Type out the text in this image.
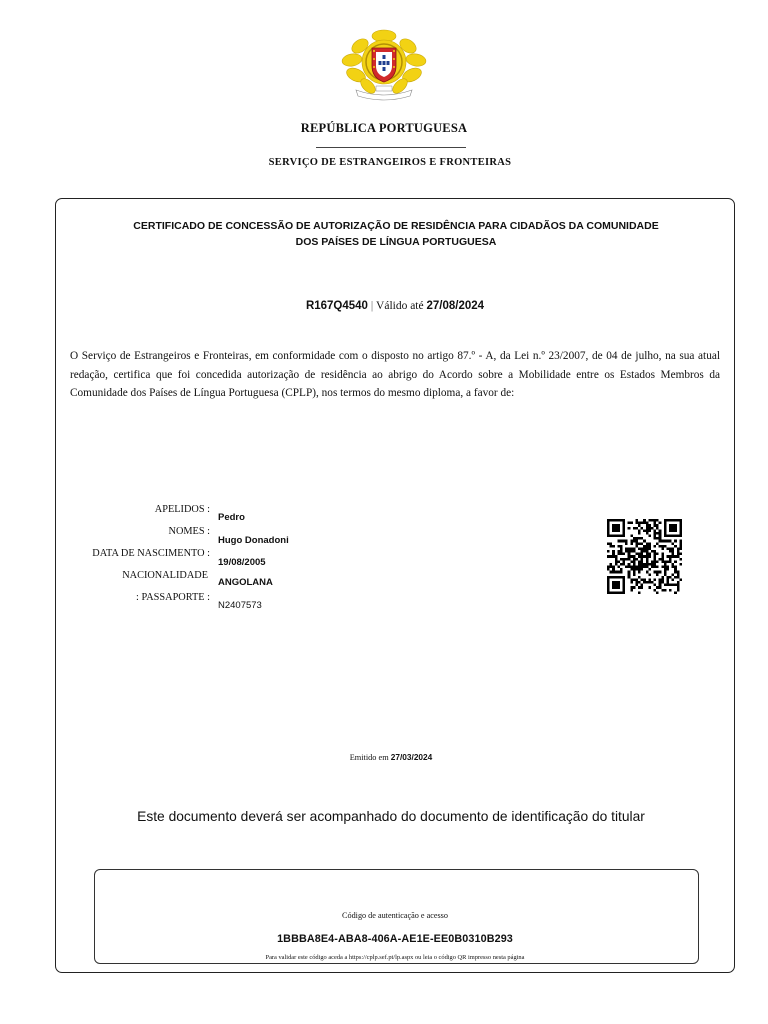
REPÚBLICA PORTUGUESA
SERVIÇO DE ESTRANGEIROS E FRONTEIRAS
CERTIFICADO DE CONCESSÃO DE AUTORIZAÇÃO DE RESIDÊNCIA PARA CIDADÃOS DA COMUNIDADE
DOS PAÍSES DE LÍNGUA PORTUGUESA
R167Q4540 | Válido até 27/08/2024
O Serviço de Estrangeiros e Fronteiras, em conformidade com o disposto no artigo 87.º - A, da Lei n.º 23/2007, de 04 de julho, na sua atual redação, certifica que foi concedida autorização de residência ao abrigo do Acordo sobre a Mobilidade entre os Estados Membros da Comunidade dos Países de Língua Portuguesa (CPLP), nos termos do mesmo diploma, a favor de:
APELIDOS :
Pedro
NOMES :
Hugo Donadoni
DATA DE NASCIMENTO :
19/08/2005
NACIONALIDADE
ANGOLANA
: PASSAPORTE :
N2407573
Emitido em 27/03/2024
Este documento deverá ser acompanhado do documento de identificação do titular
Código de autenticação e acesso
1BBBA8E4-ABA8-406A-AE1E-EE0B0310B293
Para validar este código aceda a https://cplp.sef.pt/lp.aspx ou leia o código QR impresso nesta página
